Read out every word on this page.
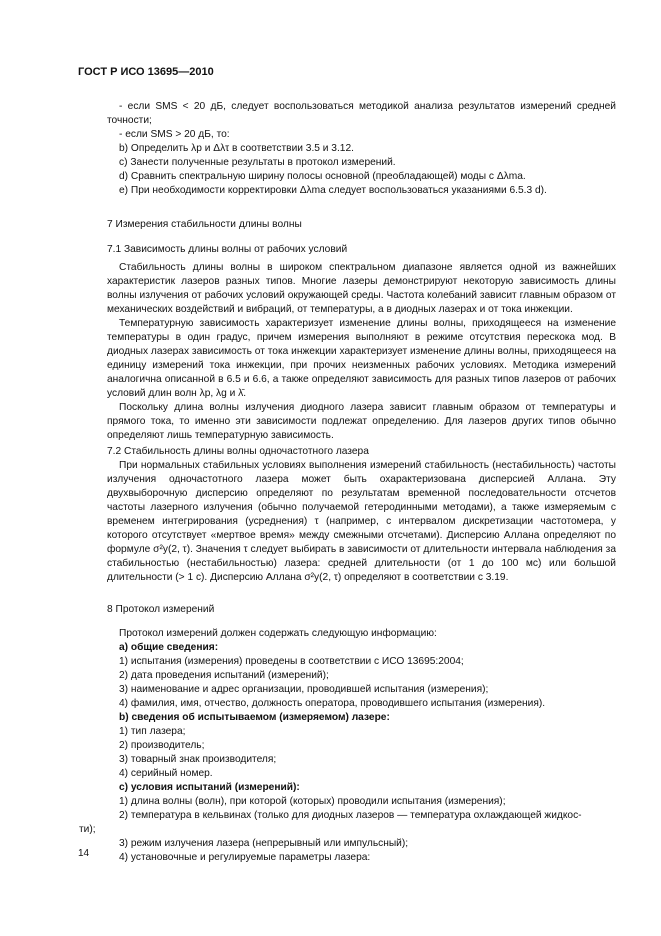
ГОСТ Р ИСО 13695—2010

- если SMS < 20 дБ, следует воспользоваться методикой анализа результатов измерений средней точности;

- если SMS > 20 дБ, то:

b) Определить λp и Δλτ в соответствии 3.5 и 3.12.

c) Занести полученные результаты в протокол измерений.

d) Сравнить спектральную ширину полосы основной (преобладающей) моды с Δλmа.

e) При необходимости корректировки Δλma следует воспользоваться указаниями 6.5.3 d).

7 Измерения стабильности длины волны

7.1 Зависимость длины волны от рабочих условий

Стабильность длины волны в широком спектральном диапазоне является одной из важнейших характеристик лазеров разных типов. Многие лазеры демонстрируют некоторую зависимость длины волны излучения от рабочих условий окружающей среды. Частота колебаний зависит главным образом от механических воздействий и вибраций, от температуры, а в диодных лазерах и от тока инжекции.

Температурную зависимость характеризует изменение длины волны, приходящееся на изменение температуры в один градус, причем измерения выполняют в режиме отсутствия перескока мод. В диодных лазерах зависимость от тока инжекции характеризует изменение длины волны, приходящееся на единицу измерений тока инжекции, при прочих неизменных рабочих условиях. Методика измерений аналогична описанной в 6.5 и 6.6, а также определяют зависимость для разных типов лазеров от рабочих условий длин волн λp, λg и λ̄.

Поскольку длина волны излучения диодного лазера зависит главным образом от температуры и прямого тока, то именно эти зависимости подлежат определению. Для лазеров других типов обычно определяют лишь температурную зависимость.

7.2 Стабильность длины волны одночастотного лазера

При нормальных стабильных условиях выполнения измерений стабильность (нестабильность) частоты излучения одночастотного лазера может быть охарактеризована дисперсией Аллана. Эту двухвыборочную дисперсию определяют по результатам временной последовательности отсчетов частоты лазерного излучения (обычно получаемой гетеродинными методами), а также измеряемым с временем интегрирования (усреднения) τ (например, с интервалом дискретизации частотомера, у которого отсутствует «мертвое время» между смежными отсчетами). Дисперсию Аллана определяют по формуле σ²y(2, τ). Значения τ следует выбирать в зависимости от длительности интервала наблюдения за стабильностью (нестабильностью) лазера: средней длительности (от 1 до 100 мс) или большой длительности (> 1 с). Дисперсию Аллана σ²y(2, τ) определяют в соответствии с 3.19.

8 Протокол измерений

Протокол измерений должен содержать следующую информацию:

а) общие сведения:

1) испытания (измерения) проведены в соответствии с ИСО 13695:2004;

2) дата проведения испытаний (измерений);

3) наименование и адрес организации, проводившей испытания (измерения);

4) фамилия, имя, отчество, должность оператора, проводившего испытания (измерения).

b) сведения об испытываемом (измеряемом) лазере:

1) тип лазера;

2) производитель;

3) товарный знак производителя;

4) серийный номер.

c) условия испытаний (измерений):

1) длина волны (волн), при которой (которых) проводили испытания (измерения);

2) температура в кельвинах (только для диодных лазеров — температура охлаждающей жидкос-

ти);

3) режим излучения лазера (непрерывный или импульсный);

4) установочные и регулируемые параметры лазера:

14
